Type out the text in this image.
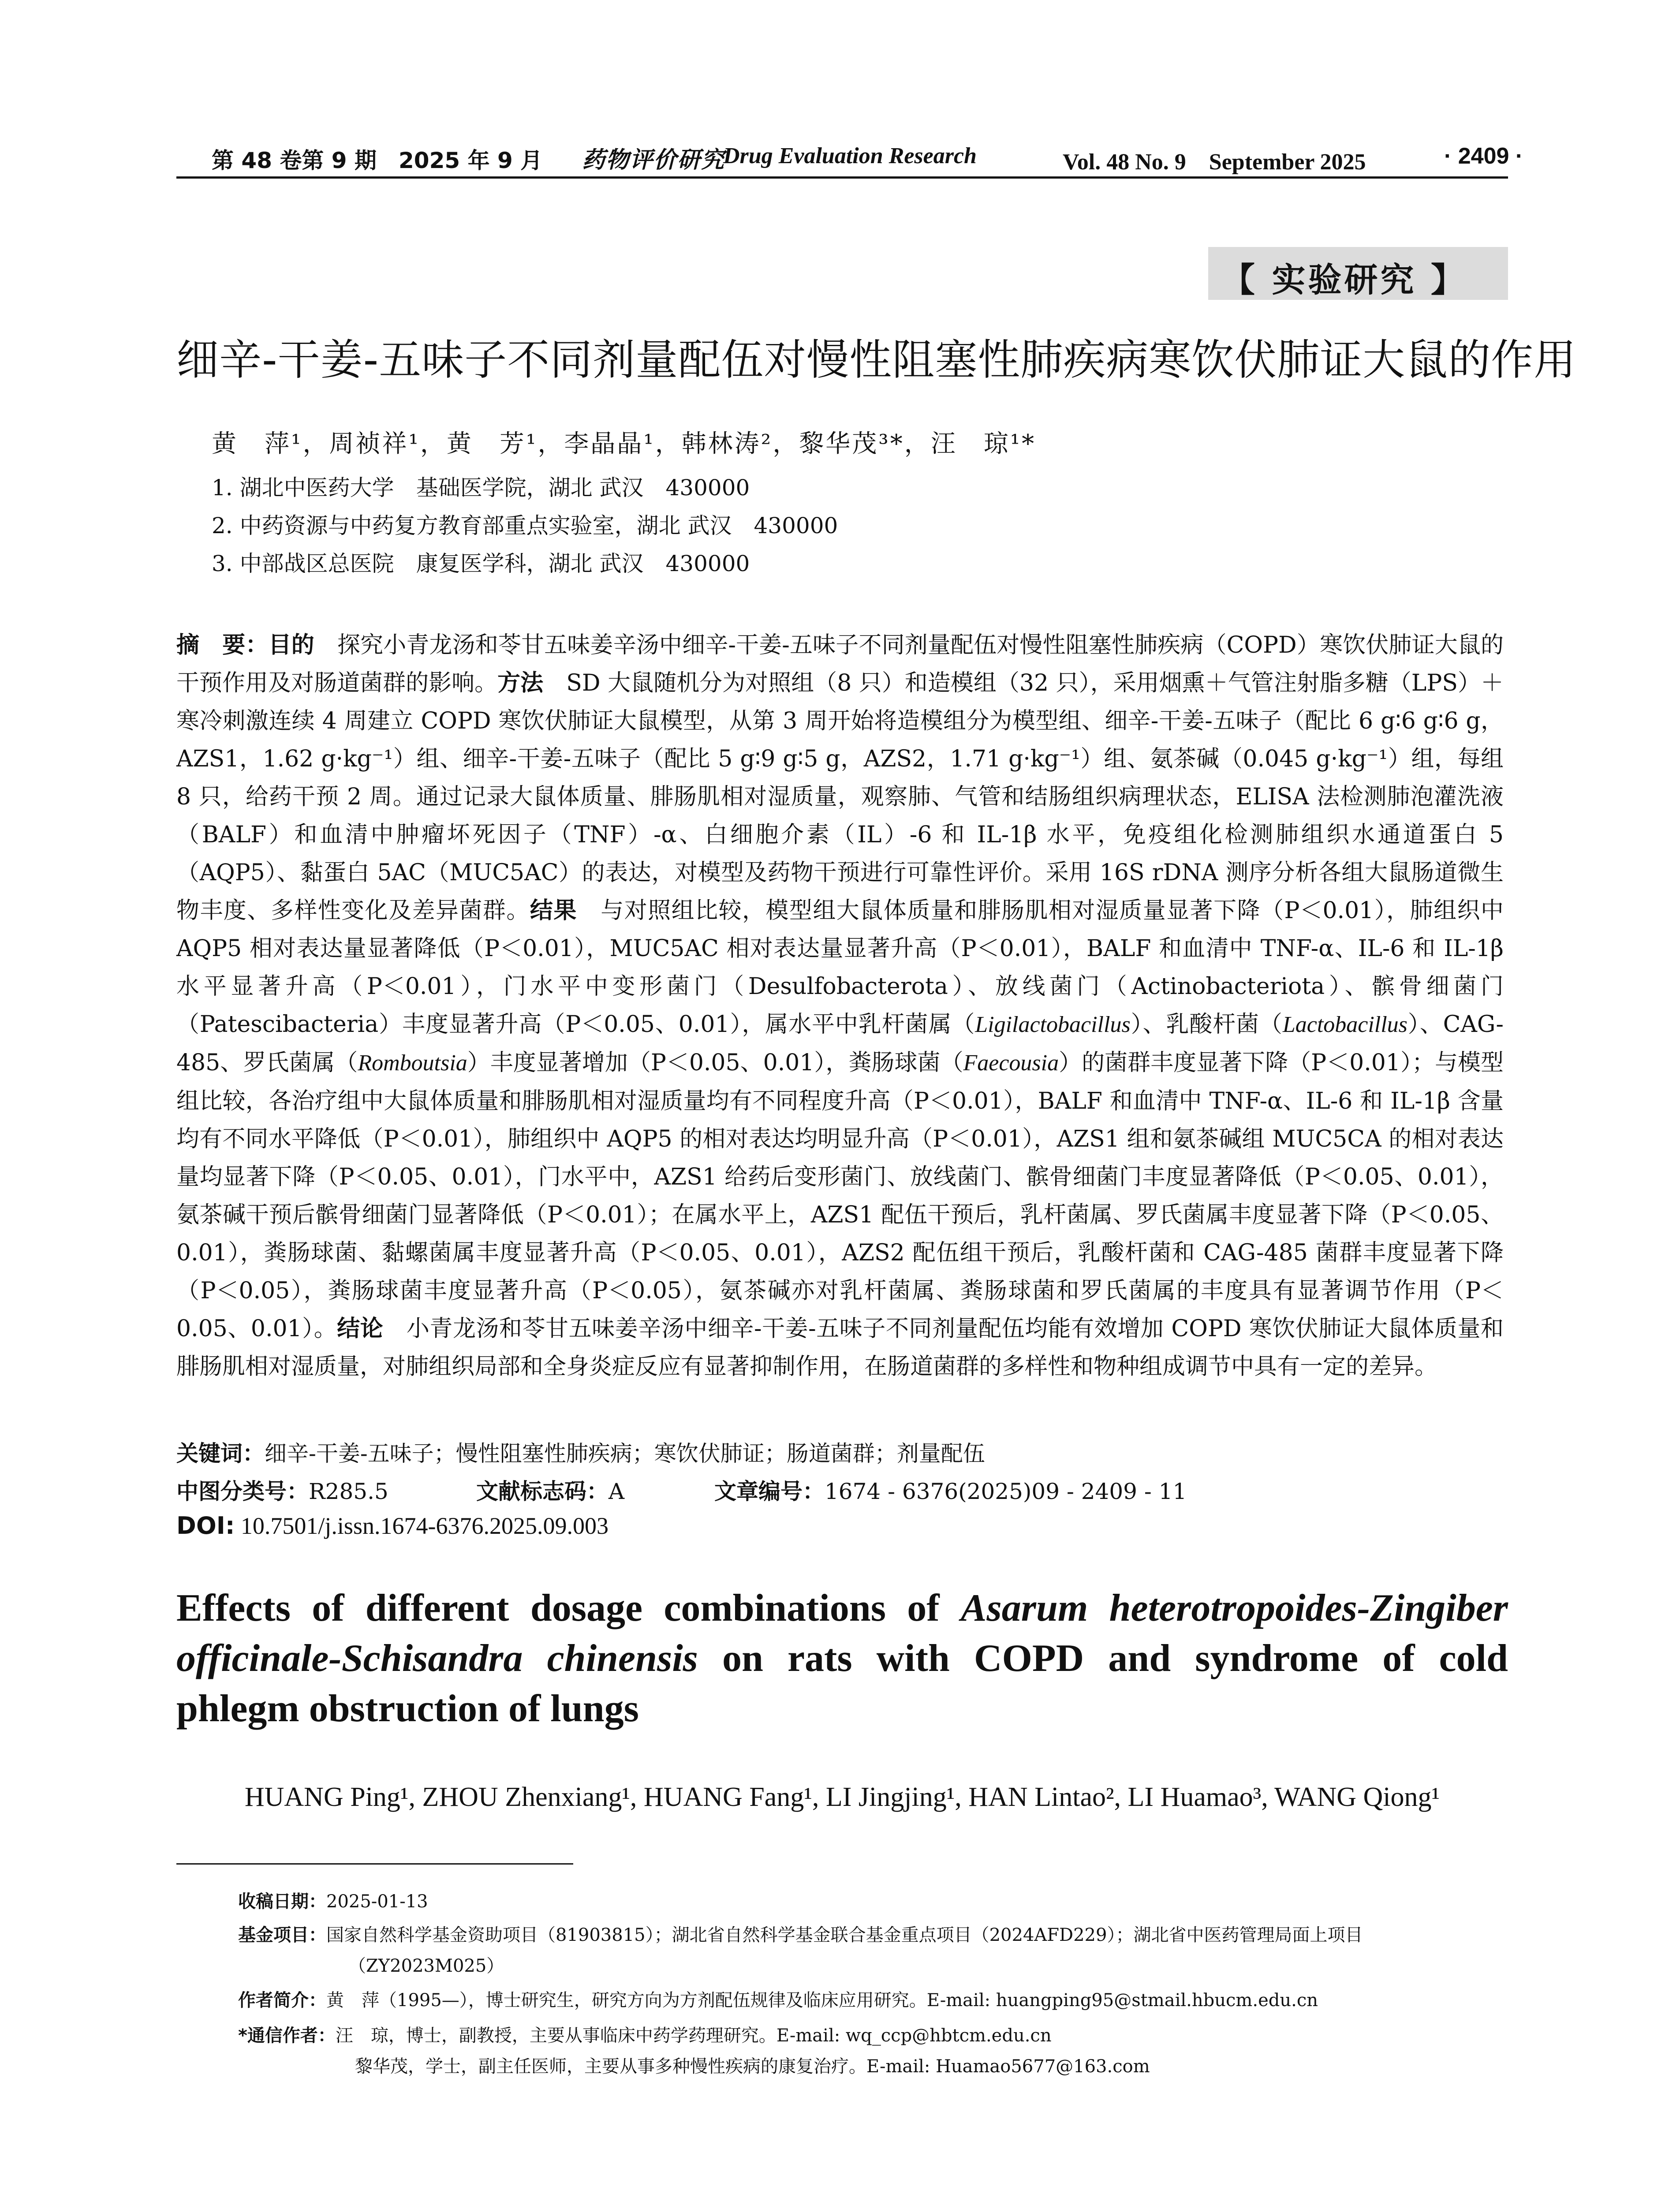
第 48 卷第 9 期　2025 年 9 月 药物评价研究
Drug Evaluation Research	Vol. 48 No. 9　September 2025	· 2409 ·
【 实验研究 】
细辛-干姜-五味子不同剂量配伍对慢性阻塞性肺疾病寒饮伏肺证大鼠的作用
黄　萍¹，周祯祥¹，黄　芳¹，李晶晶¹，韩林涛²，黎华茂³*，汪　琼¹*
1. 湖北中医药大学　基础医学院，湖北 武汉　430000
2. 中药资源与中药复方教育部重点实验室，湖北 武汉　430000
3. 中部战区总医院　康复医学科，湖北 武汉　430000
摘　要：目的　探究小青龙汤和苓甘五味姜辛汤中细辛-干姜-五味子不同剂量配伍对慢性阻塞性肺疾病（COPD）寒饮伏肺证大鼠的干预作用及对肠道菌群的影响。方法　SD 大鼠随机分为对照组（8 只）和造模组（32 只），采用烟熏＋气管注射脂多糖（LPS）＋寒冷刺激连续 4 周建立 COPD 寒饮伏肺证大鼠模型，从第 3 周开始将造模组分为模型组、细辛-干姜-五味子（配比 6 g∶6 g∶6 g，AZS1，1.62 g·kg⁻¹）组、细辛-干姜-五味子（配比 5 g∶9 g∶5 g，AZS2，1.71 g·kg⁻¹）组、氨茶碱（0.045 g·kg⁻¹）组，每组 8 只，给药干预 2 周。通过记录大鼠体质量、腓肠肌相对湿质量，观察肺、气管和结肠组织病理状态，ELISA 法检测肺泡灌洗液（BALF）和血清中肿瘤坏死因子（TNF）-α、白细胞介素（IL）-6 和 IL-1β 水平，免疫组化检测肺组织水通道蛋白 5（AQP5）、黏蛋白 5AC（MUC5AC）的表达，对模型及药物干预进行可靠性评价。采用 16S rDNA 测序分析各组大鼠肠道微生物丰度、多样性变化及差异菌群。结果　与对照组比较，模型组大鼠体质量和腓肠肌相对湿质量显著下降（P＜0.01），肺组织中 AQP5 相对表达量显著降低（P＜0.01），MUC5AC 相对表达量显著升高（P＜0.01），BALF 和血清中 TNF-α、IL-6 和 IL-1β 水平显著升高（P＜0.01），门水平中变形菌门（Desulfobacterota）、放线菌门（Actinobacteriota）、髌骨细菌门（Patescibacteria）丰度显著升高（P＜0.05、0.01），属水平中乳杆菌属（Ligilactobacillus）、乳酸杆菌（Lactobacillus）、CAG-485、罗氏菌属（Romboutsia）丰度显著增加（P＜0.05、0.01），粪肠球菌（Faecousia）的菌群丰度显著下降（P＜0.01）；与模型组比较，各治疗组中大鼠体质量和腓肠肌相对湿质量均有不同程度升高（P＜0.01），BALF 和血清中 TNF-α、IL-6 和 IL-1β 含量均有不同水平降低（P＜0.01），肺组织中 AQP5 的相对表达均明显升高（P＜0.01），AZS1 组和氨茶碱组 MUC5CA 的相对表达量均显著下降（P＜0.05、0.01），门水平中，AZS1 给药后变形菌门、放线菌门、髌骨细菌门丰度显著降低（P＜0.05、0.01），氨茶碱干预后髌骨细菌门显著降低（P＜0.01）；在属水平上，AZS1 配伍干预后，乳杆菌属、罗氏菌属丰度显著下降（P＜0.05、0.01），粪肠球菌、黏螺菌属丰度显著升高（P＜0.05、0.01），AZS2 配伍组干预后，乳酸杆菌和 CAG-485 菌群丰度显著下降（P＜0.05），粪肠球菌丰度显著升高（P＜0.05），氨茶碱亦对乳杆菌属、粪肠球菌和罗氏菌属的丰度具有显著调节作用（P＜0.05、0.01）。结论　小青龙汤和苓甘五味姜辛汤中细辛-干姜-五味子不同剂量配伍均能有效增加 COPD 寒饮伏肺证大鼠体质量和腓肠肌相对湿质量，对肺组织局部和全身炎症反应有显著抑制作用，在肠道菌群的多样性和物种组成调节中具有一定的差异。
关键词：细辛-干姜-五味子；慢性阻塞性肺疾病；寒饮伏肺证；肠道菌群；剂量配伍
中图分类号：R285.5	文献标志码：A	文章编号：1674 - 6376(2025)09 - 2409 - 11
DOI: 10.7501/j.issn.1674-6376.2025.09.003
Effects of different dosage combinations of Asarum heterotropoides-Zingiber officinale-Schisandra chinensis on rats with COPD and syndrome of cold phlegm obstruction of lungs
HUANG Ping¹, ZHOU Zhenxiang¹, HUANG Fang¹, LI Jingjing¹, HAN Lintao², LI Huamao³, WANG Qiong¹
收稿日期：2025-01-13
基金项目：国家自然科学基金资助项目（81903815）；湖北省自然科学基金联合基金重点项目（2024AFD229）；湖北省中医药管理局面上项目
（ZY2023M025）
作者简介：黄　萍（1995—），博士研究生，研究方向为方剂配伍规律及临床应用研究。E-mail: huangping95@stmail.hbucm.edu.cn
*通信作者：汪　琼，博士，副教授，主要从事临床中药学药理研究。E-mail: wq_ccp@hbtcm.edu.cn
黎华茂，学士，副主任医师，主要从事多种慢性疾病的康复治疗。E-mail: Huamao5677@163.com
